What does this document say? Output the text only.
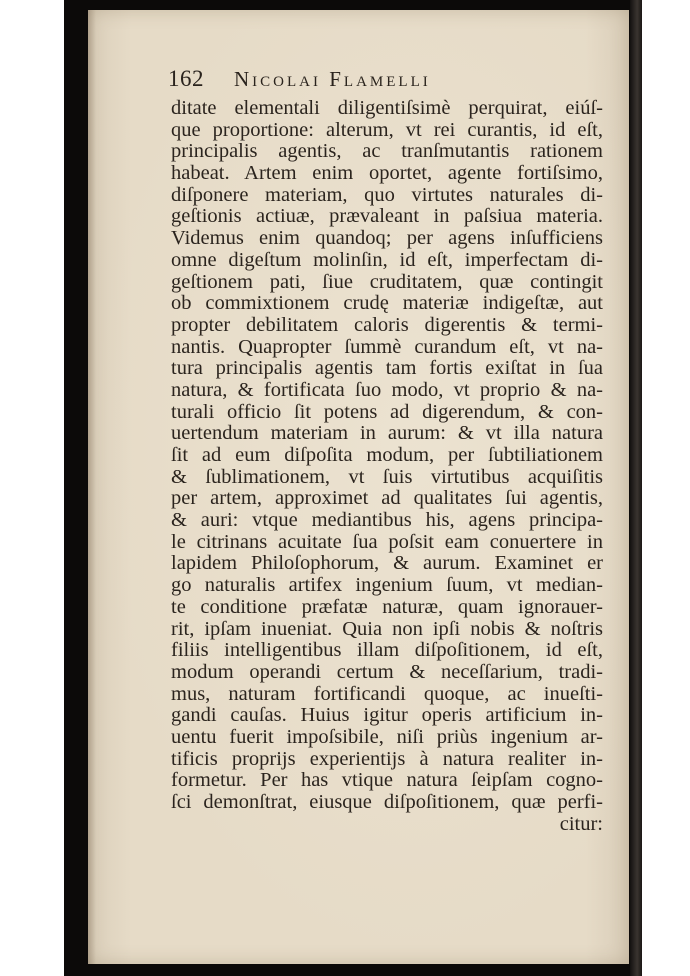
162 Nicolai Flamelli
ditate elementali diligentiſsimè perquirat, eiúſ-
que proportione: alterum, vt rei curantis, id eſt,
principalis agentis, ac tranſmutantis rationem
habeat. Artem enim oportet, agente fortiſsimo,
diſponere materiam, quo virtutes naturales di-
geſtionis actiuæ, prævaleant in paſsiua materia.
Videmus enim quandoq; per agens inſufficiens
omne digeſtum molinſin, id eſt, imperfectam di-
geſtionem pati, ſiue cruditatem, quæ contingit
ob commixtionem crudę materiæ indigeſtæ, aut
propter debilitatem caloris digerentis & termi-
nantis. Quapropter ſummè curandum eſt, vt na-
tura principalis agentis tam fortis exiſtat in ſua
natura, & fortificata ſuo modo, vt proprio & na-
turali officio ſit potens ad digerendum, & con-
uertendum materiam in aurum: & vt illa natura
ſit ad eum diſpoſita modum, per ſubtiliationem
& ſublimationem, vt ſuis virtutibus acquiſitis
per artem, approximet ad qualitates ſui agentis,
& auri: vtque mediantibus his, agens principa-
le citrinans acuitate ſua poſsit eam conuertere in
lapidem Philoſophorum, & aurum. Examinet er
go naturalis artifex ingenium ſuum, vt median-
te conditione præfatæ naturæ, quam ignorauer-
rit, ipſam inueniat. Quia non ipſi nobis & noſtris
filiis intelligentibus illam diſpoſitionem, id eſt,
modum operandi certum & neceſſarium, tradi-
mus, naturam fortificandi quoque, ac inueſti-
gandi cauſas. Huius igitur operis artificium in-
uentu fuerit impoſsibile, niſi priùs ingenium ar-
tificis proprijs experientijs à natura realiter in-
formetur. Per has vtique natura ſeipſam cogno-
ſci demonſtrat, eiusque diſpoſitionem, quæ perfi-
citur:
